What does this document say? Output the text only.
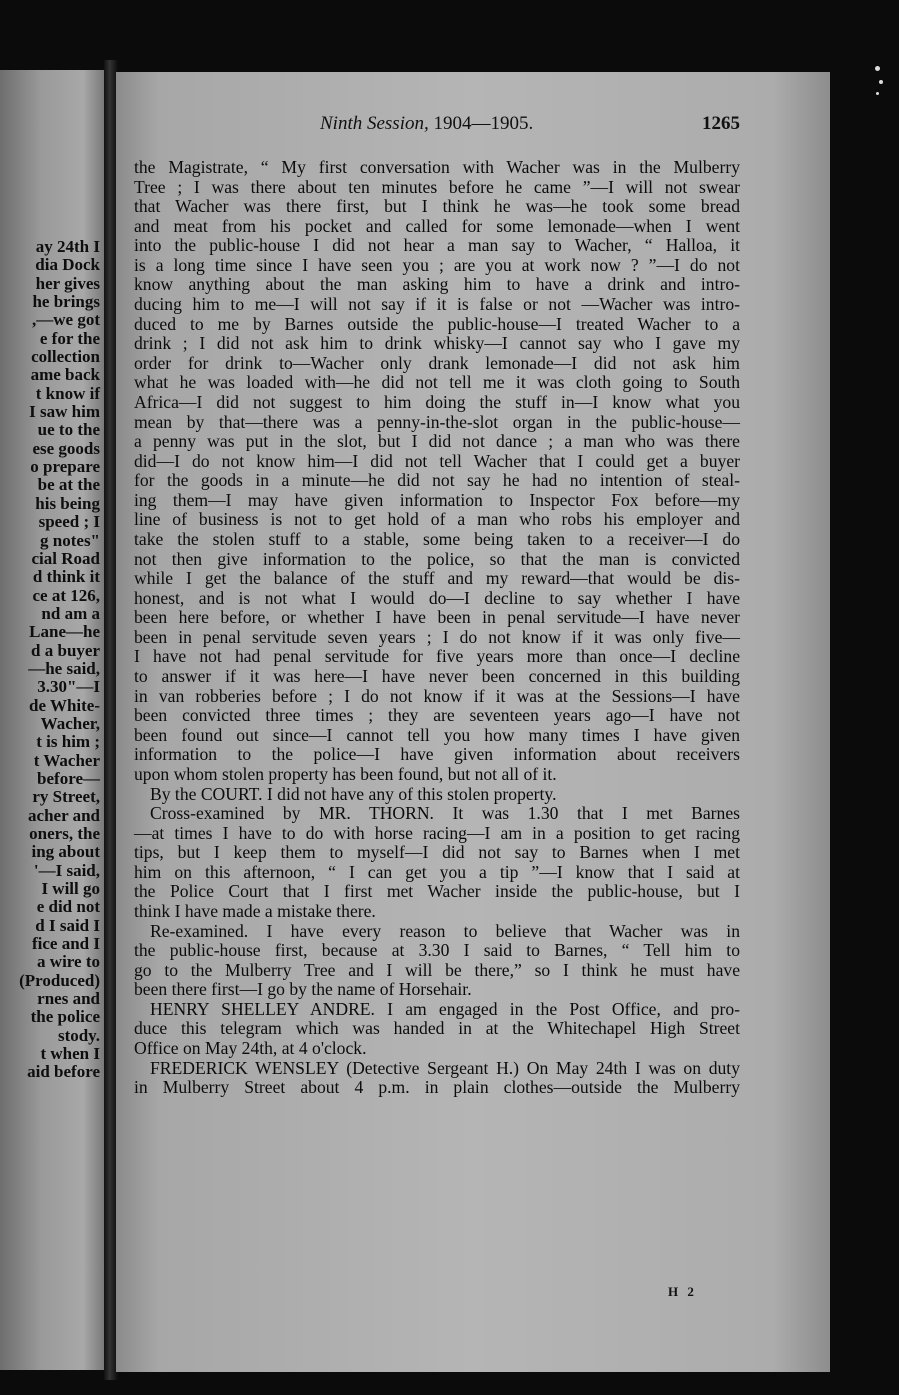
ay 24th I
dia Dock
her gives
he brings
,—we got
e for the
collection
ame back
t know if
I saw him
ue to the
ese goods
o prepare
be at the
his being
speed ; I
g notes"
cial Road
d think it
ce at 126,
nd am a
Lane—he
d a buyer
—he said,
3.30"—I
de White-
Wacher,
t is him ;
t Wacher
before—
ry Street,
acher and
oners, the
ing about
'—I said,
I will go
e did not
d I said I
fice and I
a wire to
(Produced)
rnes and
the police
stody.
t when I
aid before
Ninth Session, 1904—1905.	1265
the Magistrate, “ My first conversation with Wacher was in the Mulberry
Tree ; I was there about ten minutes before he came ”—I will not swear
that Wacher was there first, but I think he was—he took some bread
and meat from his pocket and called for some lemonade—when I went
into the public-house I did not hear a man say to Wacher, “ Halloa, it
is a long time since I have seen you ; are you at work now ? ”—I do not
know anything about the man asking him to have a drink and intro-
ducing him to me—I will not say if it is false or not —Wacher was intro-
duced to me by Barnes outside the public-house—I treated Wacher to a
drink ; I did not ask him to drink whisky—I cannot say who I gave my
order for drink to—Wacher only drank lemonade—I did not ask him
what he was loaded with—he did not tell me it was cloth going to South
Africa—I did not suggest to him doing the stuff in—I know what you
mean by that—there was a penny-in-the-slot organ in the public-house—
a penny was put in the slot, but I did not dance ; a man who was there
did—I do not know him—I did not tell Wacher that I could get a buyer
for the goods in a minute—he did not say he had no intention of steal-
ing them—I may have given information to Inspector Fox before—my
line of business is not to get hold of a man who robs his employer and
take the stolen stuff to a stable, some being taken to a receiver—I do
not then give information to the police, so that the man is convicted
while I get the balance of the stuff and my reward—that would be dis-
honest, and is not what I would do—I decline to say whether I have
been here before, or whether I have been in penal servitude—I have never
been in penal servitude seven years ; I do not know if it was only five—
I have not had penal servitude for five years more than once—I decline
to answer if it was here—I have never been concerned in this building
in van robberies before ; I do not know if it was at the Sessions—I have
been convicted three times ; they are seventeen years ago—I have not
been found out since—I cannot tell you how many times I have given
information to the police—I have given information about receivers
upon whom stolen property has been found, but not all of it.
By the COURT. I did not have any of this stolen property.
Cross-examined by MR. THORN. It was 1.30 that I met Barnes
—at times I have to do with horse racing—I am in a position to get racing
tips, but I keep them to myself—I did not say to Barnes when I met
him on this afternoon, “ I can get you a tip ”—I know that I said at
the Police Court that I first met Wacher inside the public-house, but I
think I have made a mistake there.
Re-examined. I have every reason to believe that Wacher was in
the public-house first, because at 3.30 I said to Barnes, “ Tell him to
go to the Mulberry Tree and I will be there,” so I think he must have
been there first—I go by the name of Horsehair.
HENRY SHELLEY ANDRE. I am engaged in the Post Office, and pro-
duce this telegram which was handed in at the Whitechapel High Street
Office on May 24th, at 4 o'clock.
FREDERICK WENSLEY (Detective Sergeant H.) On May 24th I was on duty
in Mulberry Street about 4 p.m. in plain clothes—outside the Mulberry
H 2
